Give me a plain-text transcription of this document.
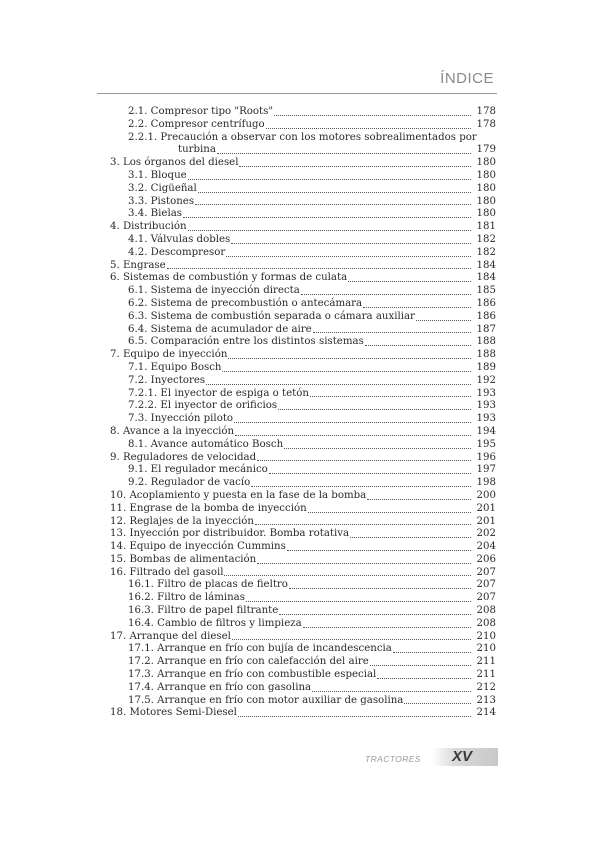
ÍNDICE
2.1. Compresor tipo "Roots"	178
2.2. Compresor centrífugo	178
2.2.1. Precaución a observar con los motores sobrealimentados por
turbina	179
3. Los órganos del diesel	180
3.1. Bloque	180
3.2. Cigüeñal	180
3.3. Pistones	180
3.4. Bielas	180
4. Distribución	181
4.1. Válvulas dobles	182
4.2. Descompresor	182
5. Engrase	184
6. Sistemas de combustión y formas de culata	184
6.1. Sistema de inyección directa	185
6.2. Sistema de precombustión o antecámara	186
6.3. Sistema de combustión separada o cámara auxiliar	186
6.4. Sistema de acumulador de aire	187
6.5. Comparación entre los distintos sistemas	188
7. Equipo de inyección	188
7.1. Equipo Bosch	189
7.2. Inyectores	192
7.2.1. El inyector de espiga o tetón	193
7.2.2. El inyector de orificios	193
7.3. Inyección piloto	193
8. Avance a la inyección	194
8.1. Avance automático Bosch	195
9. Reguladores de velocidad	196
9.1. El regulador mecánico	197
9.2. Regulador de vacío	198
10. Acoplamiento y puesta en la fase de la bomba	200
11. Engrase de la bomba de inyección	201
12. Reglajes de la inyección	201
13. Inyección por distribuidor. Bomba rotativa	202
14. Equipo de inyección Cummins	204
15. Bombas de alimentación	206
16. Filtrado del gasoil	207
16.1. Filtro de placas de fieltro	207
16.2. Filtro de láminas	207
16.3. Filtro de papel filtrante	208
16.4. Cambio de filtros y limpieza	208
17. Arranque del diesel	210
17.1. Arranque en frío con bujía de incandescencia	210
17.2. Arranque en frío con calefacción del aire	211
17.3. Arranque en frío con combustible especial	211
17.4. Arranque en frío con gasolina	212
17.5. Arranque en frío con motor auxiliar de gasolina	213
18. Motores Semi-Diesel	214
TRACTORES XV
